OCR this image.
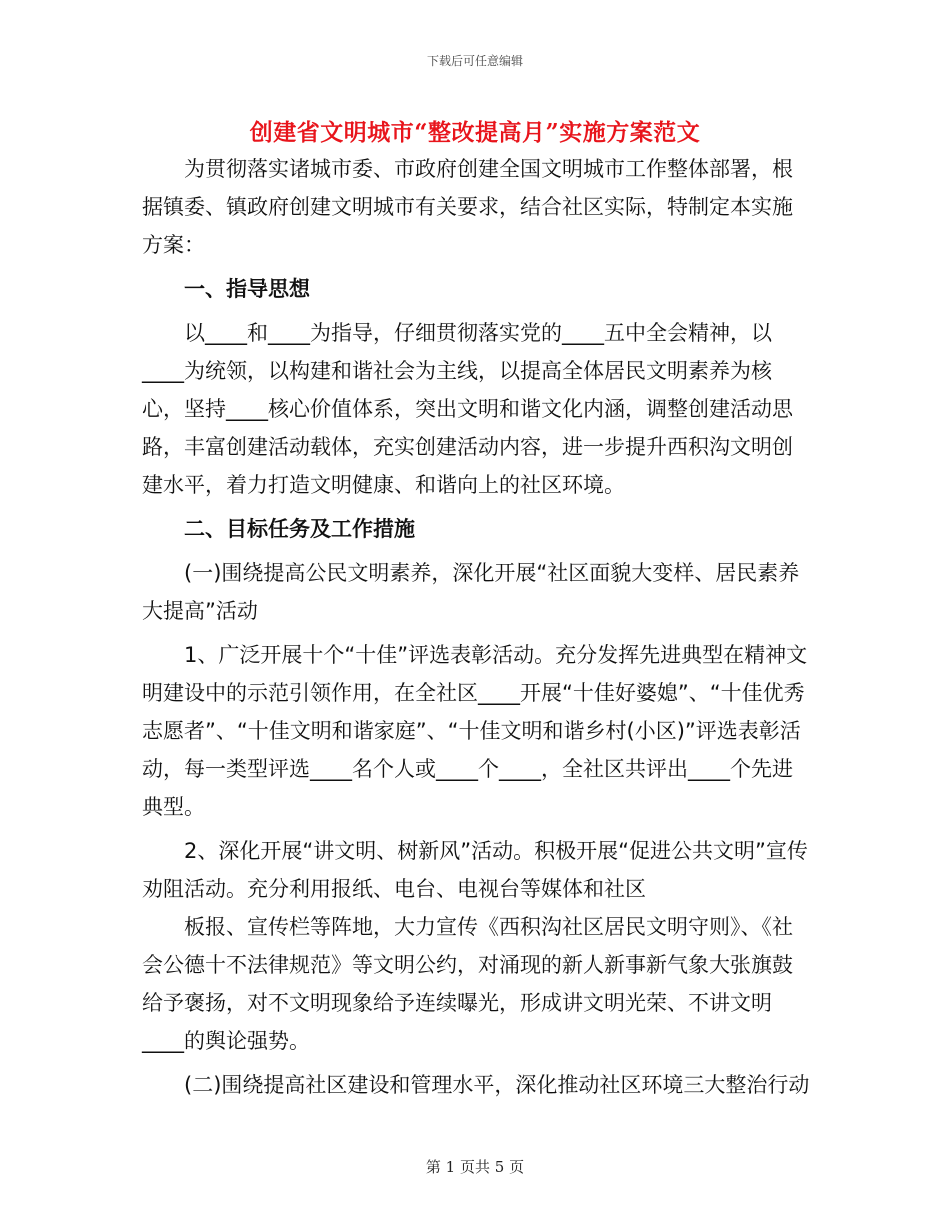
下载后可任意编辑
创建省文明城市“整改提高月”实施方案范文

为贯彻落实诸城市委、市政府创建全国文明城市工作整体部署，根据镇委、镇政府创建文明城市有关要求，结合社区实际，特制定本实施方案：

一、指导思想

以____和____为指导，仔细贯彻落实党的____五中全会精神，以____为统领，以构建和谐社会为主线，以提高全体居民文明素养为核心，坚持____核心价值体系，突出文明和谐文化内涵，调整创建活动思路，丰富创建活动载体，充实创建活动内容，进一步提升西积沟文明创建水平，着力打造文明健康、和谐向上的社区环境。

二、目标任务及工作措施

(一)围绕提高公民文明素养，深化开展“社区面貌大变样、居民素养大提高”活动

1、广泛开展十个“十佳”评选表彰活动。充分发挥先进典型在精神文明建设中的示范引领作用，在全社区____开展“十佳好婆媳”、“十佳优秀志愿者”、“十佳文明和谐家庭”、“十佳文明和谐乡村(小区)”评选表彰活动，每一类型评选____名个人或____个____，全社区共评出____个先进典型。

2、深化开展“讲文明、树新风”活动。积极开展“促进公共文明”宣传劝阻活动。充分利用报纸、电台、电视台等媒体和社区

板报、宣传栏等阵地，大力宣传《西积沟社区居民文明守则》、《社会公德十不法律规范》等文明公约，对涌现的新人新事新气象大张旗鼓给予褒扬，对不文明现象给予连续曝光，形成讲文明光荣、不讲文明____的舆论强势。

(二)围绕提高社区建设和管理水平，深化推动社区环境三大整治行动

第 1 页共 5 页
